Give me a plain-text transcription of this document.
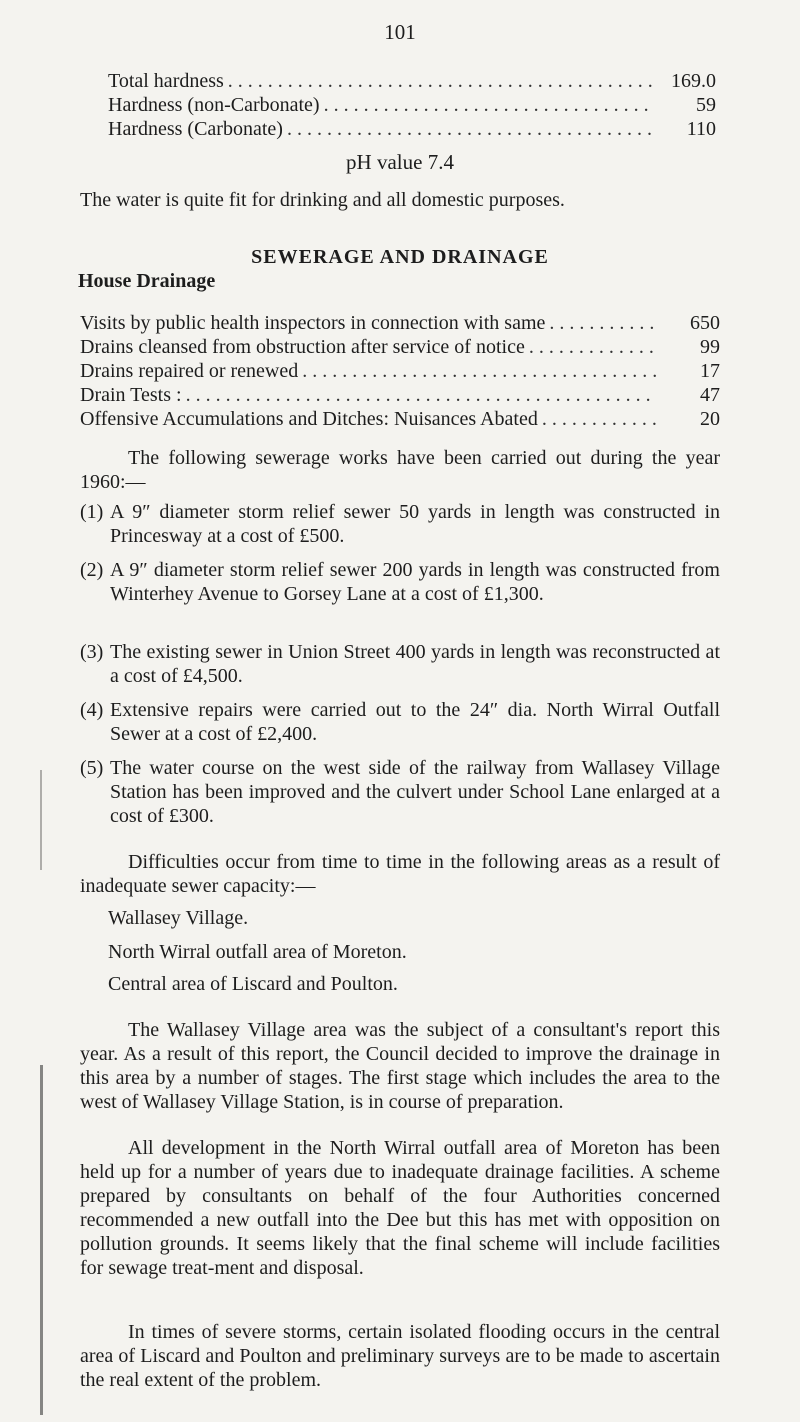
101
Total hardness . . .	169.0
Hardness (non-Carbonate) . . .	59
Hardness (Carbonate) . . .	110
pH value 7.4
The water is quite fit for drinking and all domestic purposes.
SEWERAGE AND DRAINAGE
House Drainage
Visits by public health inspectors in connection with same . . .	650
Drains cleansed from obstruction after service of notice . . .	99
Drains repaired or renewed . . .	17
Drain Tests : . . .	47
Offensive Accumulations and Ditches: Nuisances Abated . . .	20
The following sewerage works have been carried out during the year 1960:—
(1) A 9″ diameter storm relief sewer 50 yards in length was constructed in Princesway at a cost of £500.
(2) A 9″ diameter storm relief sewer 200 yards in length was constructed from Winterhey Avenue to Gorsey Lane at a cost of £1,300.
(3) The existing sewer in Union Street 400 yards in length was reconstructed at a cost of £4,500.
(4) Extensive repairs were carried out to the 24″ dia. North Wirral Outfall Sewer at a cost of £2,400.
(5) The water course on the west side of the railway from Wallasey Village Station has been improved and the culvert under School Lane enlarged at a cost of £300.
Difficulties occur from time to time in the following areas as a result of inadequate sewer capacity:—
Wallasey Village.
North Wirral outfall area of Moreton.
Central area of Liscard and Poulton.
The Wallasey Village area was the subject of a consultant's report this year. As a result of this report, the Council decided to improve the drainage in this area by a number of stages. The first stage which includes the area to the west of Wallasey Village Station, is in course of preparation.
All development in the North Wirral outfall area of Moreton has been held up for a number of years due to inadequate drainage facilities. A scheme prepared by consultants on behalf of the four Authorities concerned recommended a new outfall into the Dee but this has met with opposition on pollution grounds. It seems likely that the final scheme will include facilities for sewage treat-ment and disposal.
In times of severe storms, certain isolated flooding occurs in the central area of Liscard and Poulton and preliminary surveys are to be made to ascertain the real extent of the problem.
